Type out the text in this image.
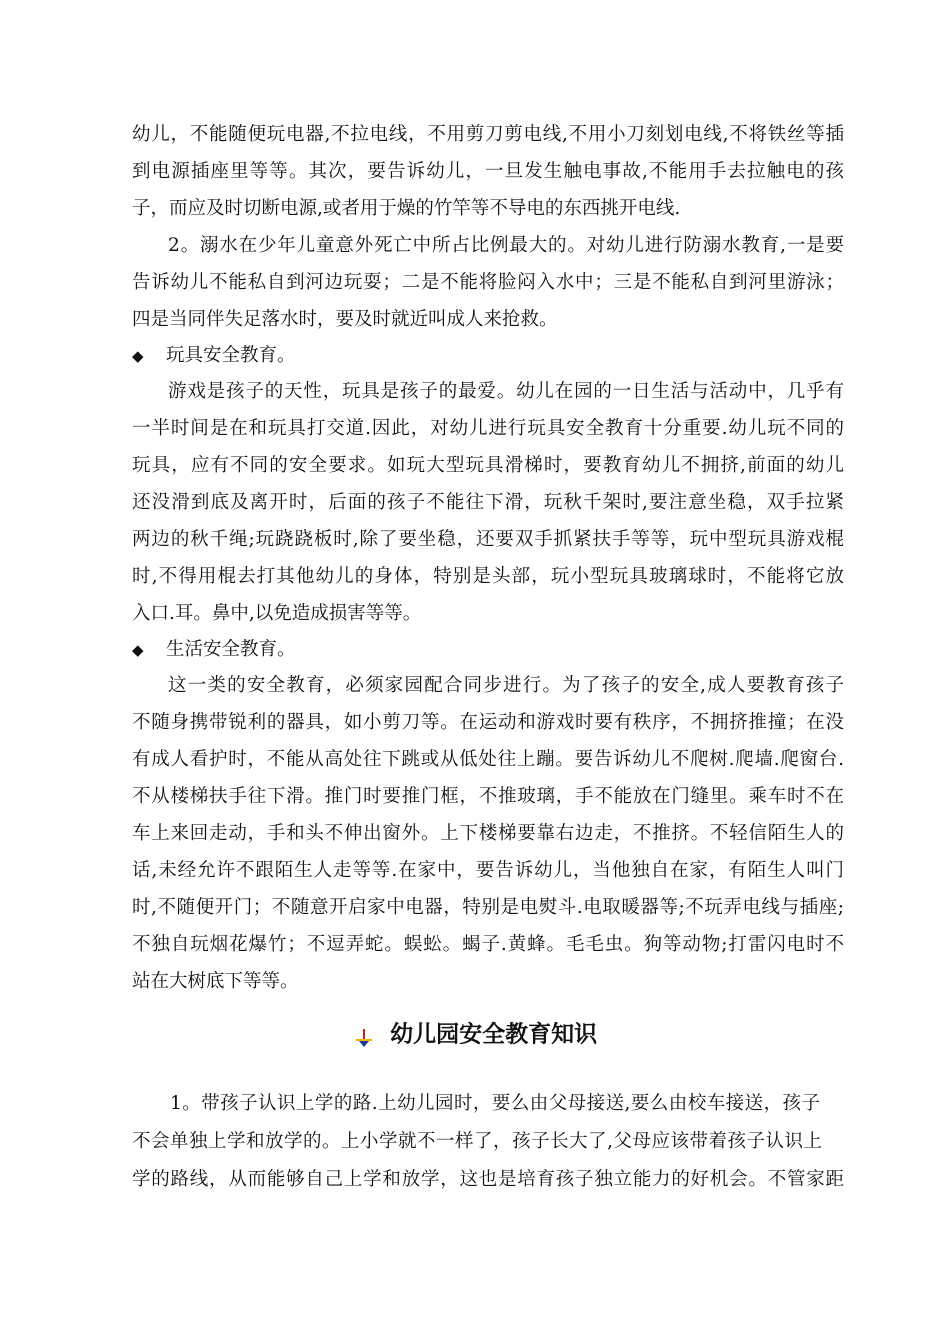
幼儿，不能随便玩电器,不拉电线，不用剪刀剪电线,不用小刀刻划电线,不将铁丝等插
到电源插座里等等。其次，要告诉幼儿，一旦发生触电事故,不能用手去拉触电的孩
子，而应及时切断电源,或者用于燥的竹竿等不导电的东西挑开电线.
2。溺水在少年儿童意外死亡中所占比例最大的。对幼儿进行防溺水教育,一是要
告诉幼儿不能私自到河边玩耍；二是不能将脸闷入水中；三是不能私自到河里游泳；
四是当同伴失足落水时，要及时就近叫成人来抢救。
◆ 玩具安全教育。
游戏是孩子的天性，玩具是孩子的最爱。幼儿在园的一日生活与活动中，几乎有
一半时间是在和玩具打交道.因此，对幼儿进行玩具安全教育十分重要.幼儿玩不同的
玩具，应有不同的安全要求。如玩大型玩具滑梯时，要教育幼儿不拥挤,前面的幼儿
还没滑到底及离开时，后面的孩子不能往下滑，玩秋千架时,要注意坐稳，双手拉紧
两边的秋千绳;玩跷跷板时,除了要坐稳，还要双手抓紧扶手等等，玩中型玩具游戏棍
时,不得用棍去打其他幼儿的身体，特别是头部，玩小型玩具玻璃球时，不能将它放
入口.耳。鼻中,以免造成损害等等。
◆ 生活安全教育。
这一类的安全教育，必须家园配合同步进行。为了孩子的安全,成人要教育孩子
不随身携带锐利的器具，如小剪刀等。在运动和游戏时要有秩序，不拥挤推撞；在没
有成人看护时，不能从高处往下跳或从低处往上蹦。要告诉幼儿不爬树.爬墙.爬窗台.
不从楼梯扶手往下滑。推门时要推门框，不推玻璃，手不能放在门缝里。乘车时不在
车上来回走动，手和头不伸出窗外。上下楼梯要靠右边走，不推挤。不轻信陌生人的
话,未经允许不跟陌生人走等等.在家中，要告诉幼儿，当他独自在家，有陌生人叫门
时,不随便开门；不随意开启家中电器，特别是电熨斗.电取暖器等;不玩弄电线与插座;
不独自玩烟花爆竹；不逗弄蛇。蜈蚣。蝎子.黄蜂。毛毛虫。狗等动物;打雷闪电时不
站在大树底下等等。
幼儿园安全教育知识
1。带孩子认识上学的路.上幼儿园时，要么由父母接送,要么由校车接送，孩子
不会单独上学和放学的。上小学就不一样了，孩子长大了,父母应该带着孩子认识上
学的路线，从而能够自己上学和放学，这也是培育孩子独立能力的好机会。不管家距
